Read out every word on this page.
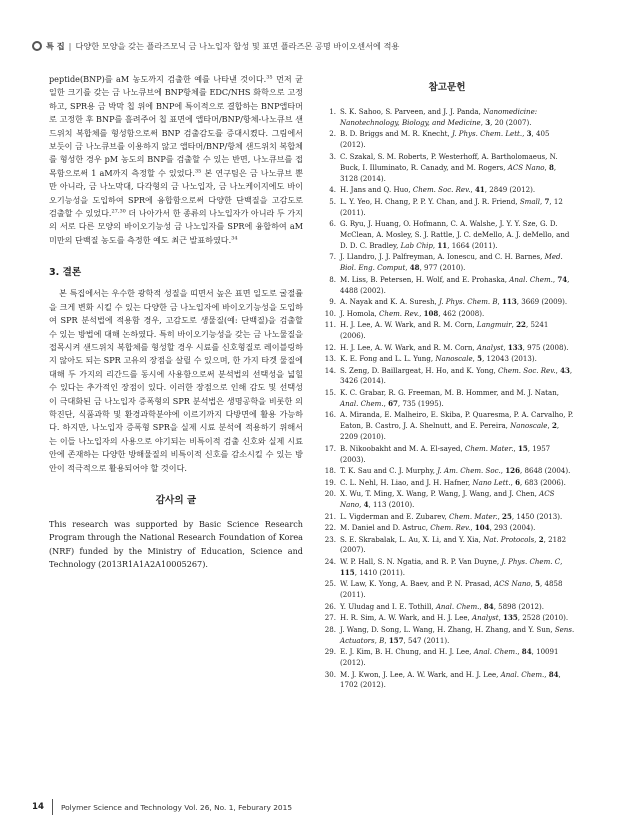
특 집 | 다양한 모양을 갖는 플라즈모닉 금 나노입자 합성 및 표면 플라즈몬 공명 바이오센서에 적용

peptide(BNP)를 aM 농도까지 검출한 예를 나타낸 것이다.$^{35}$ 먼저 균일한 크기를 갖는 금 나노큐브에 BNP항체를 EDC/NHS 화학으로 고정하고, SPR용 금 박막 칩 위에 BNP에 특이적으로 결합하는 BNP앱타머로 고정한 후 BNP를 흘려주어 칩 표면에 앱타머/BNP/항체-나노큐브 샌드위치 복합체를 형성함으로써 BNP 검출감도를 증대시켰다. 그림에서 보듯이 금 나노큐브를 이용하지 않고 앱타머/BNP/항체 샌드위치 복합체를 형성한 경우 pM 농도의 BNP를 검출할 수 있는 반면, 나노큐브를 접목함으로써 1 aM까지 측정할 수 있었다.$^{35}$ 본 연구팀은 금 나노큐브 뿐만 아니라, 금 나노막대, 다각형의 금 나노입자, 금 나노케이지에도 바이오기능성을 도입하여 SPR에 융합함으로써 다양한 단백질을 고감도로 검출할 수 있었다.$^{27,30}$ 더 나아가서 한 종류의 나노입자가 아니라 두 가지의 서로 다른 모양의 바이오기능성 금 나노입자를 SPR에 융합하여 aM 미만의 단백질 농도를 측정한 예도 최근 발표하였다.$^{34}$

3. 결론

본 특집에서는 우수한 광학적 성질을 띠면서 높은 표면 일도로 굴절률을 크게 변화 시킬 수 있는 다양한 금 나노입자에 바이오기능성을 도입하여 SPR 분석법에 적용함 경우, 고감도로 생물질(예: 단백질)을 검출할 수 있는 방법에 대해 논하였다. 특히 바이오기능성을 갖는 금 나노물질을 접목시켜 샌드위치 복합체를 형성할 경우 시료를 신호형질로 레이블링하지 않아도 되는 SPR 고유의 장점을 살릴 수 있으며, 한 가지 타겟 물질에 대해 두 가지의 리간드를 동시에 사용함으로써 분석법의 선택성을 넓힐 수 있다는 추가적인 장점이 있다. 이러한 장점으로 인해 감도 및 선택성이 극대화된 금 나노입자 증폭형의 SPR 분석법은 생명공학을 비롯한 의학진단, 식품과학 및 환경과학분야에 이르기까지 다방면에 활용 가능하다. 하지만, 나노입자 증폭형 SPR을 실제 시료 분석에 적용하기 위해서는 이들 나노입자의 사용으로 야기되는 비특이적 검출 신호와 실제 시료 안에 존재하는 다양한 방해물질의 비특이적 신호를 감소시킬 수 있는 방안이 적극적으로 활용되어야 할 것이다.

감사의 글

This research was supported by Basic Science Research Program through the National Research Foundation of Korea (NRF) funded by the Ministry of Education, Science and Technology (2013R1A1A2A10005267).

참고문헌
1. S. K. Sahoo, S. Parveen, and J. J. Panda, Nanomedicine: Nanotechnology, Biology, and Medicine, 3, 20 (2007).
2. B. D. Briggs and M. R. Knecht, J. Phys. Chem. Lett., 3, 405 (2012).
3. C. Szakal, S. M. Roberts, P. Westerhoff, A. Bartholomaeus, N. Buck, I. Illuminato, R. Canady, and M. Rogers, ACS Nano, 8, 3128 (2014).
4. H. Jans and Q. Huo, Chem. Soc. Rev., 41, 2849 (2012).
5. L. Y. Yeo, H. Chang, P. P. Y. Chan, and J. R. Friend, Small, 7, 12 (2011).
6. G. Ryu, J. Huang, O. Hofmann, C. A. Walshe, J. Y. Y. Sze, G. D. McClean, A. Mosley, S. J. Rattle, J. C. deMello, A. J. deMello, and D. D. C. Bradley, Lab Chip, 11, 1664 (2011).
7. J. Llandro, J. J. Palfreyman, A. Ionescu, and C. H. Barnes, Med. Biol. Eng. Comput, 48, 977 (2010).
8. M. Liss, B. Petersen, H. Wolf, and E. Prohaska, Anal. Chem., 74, 4488 (2002).
9. A. Nayak and K. A. Suresh, J. Phys. Chem. B, 113, 3669 (2009).
10. J. Homola, Chem. Rev., 108, 462 (2008).
11. H. J. Lee, A. W. Wark, and R. M. Corn, Langmuir, 22, 5241 (2006).
12. H. J. Lee, A. W. Wark, and R. M. Corn, Analyst, 133, 975 (2008).
13. K. E. Fong and L. L. Yung, Nanoscale, 5, 12043 (2013).
14. S. Zeng, D. Baillargeat, H. Ho, and K. Yong, Chem. Soc. Rev., 43, 3426 (2014).
15. K. C. Grabar, R. G. Freeman, M. B. Hommer, and M. J. Natan, Anal. Chem., 67, 735 (1995).
16. A. Miranda, E. Malheiro, E. Skiba, P. Quaresma, P. A. Carvalho, P. Eaton, B. Castro, J. A. Shelnutt, and E. Pereira, Nanoscale, 2, 2209 (2010).
17. B. Nikoobakht and M. A. El-sayed, Chem. Mater., 15, 1957 (2003).
18. T. K. Sau and C. J. Murphy, J. Am. Chem. Soc., 126, 8648 (2004).
19. C. L. Nehl, H. Liao, and J. H. Hafner, Nano Lett., 6, 683 (2006).
20. X. Wu, T. Ming, X. Wang, P. Wang, J. Wang, and J. Chen, ACS Nano, 4, 113 (2010).
21. L. Vigderman and E. Zubarev, Chem. Mater., 25, 1450 (2013).
22. M. Daniel and D. Astruc, Chem. Rev., 104, 293 (2004).
23. S. E. Skrabalak, L. Au, X. Li, and Y. Xia, Nat. Protocols, 2, 2182 (2007).
24. W. P. Hall, S. N. Ngatia, and R. P. Van Duyne, J. Phys. Chem. C, 115, 1410 (2011).
25. W. Law, K. Yong, A. Baev, and P. N. Prasad, ACS Nano, 5, 4858 (2011).
26. Y. Uludag and I. E. Tothill, Anal. Chem., 84, 5898 (2012).
27. H. R. Sim, A. W. Wark, and H. J. Lee, Analyst, 135, 2528 (2010).
28. J. Wang, D. Song, L. Wang, H. Zhang, H. Zhang, and Y. Sun, Sens. Actuators, B, 157, 547 (2011).
29. E. J. Kim, B. H. Chung, and H. J. Lee, Anal. Chem., 84, 10091 (2012).
30. M. J. Kwon, J. Lee, A. W. Wark, and H. J. Lee, Anal. Chem., 84, 1702 (2012).
14 Polymer Science and Technology Vol. 26, No. 1, Feburary 2015
